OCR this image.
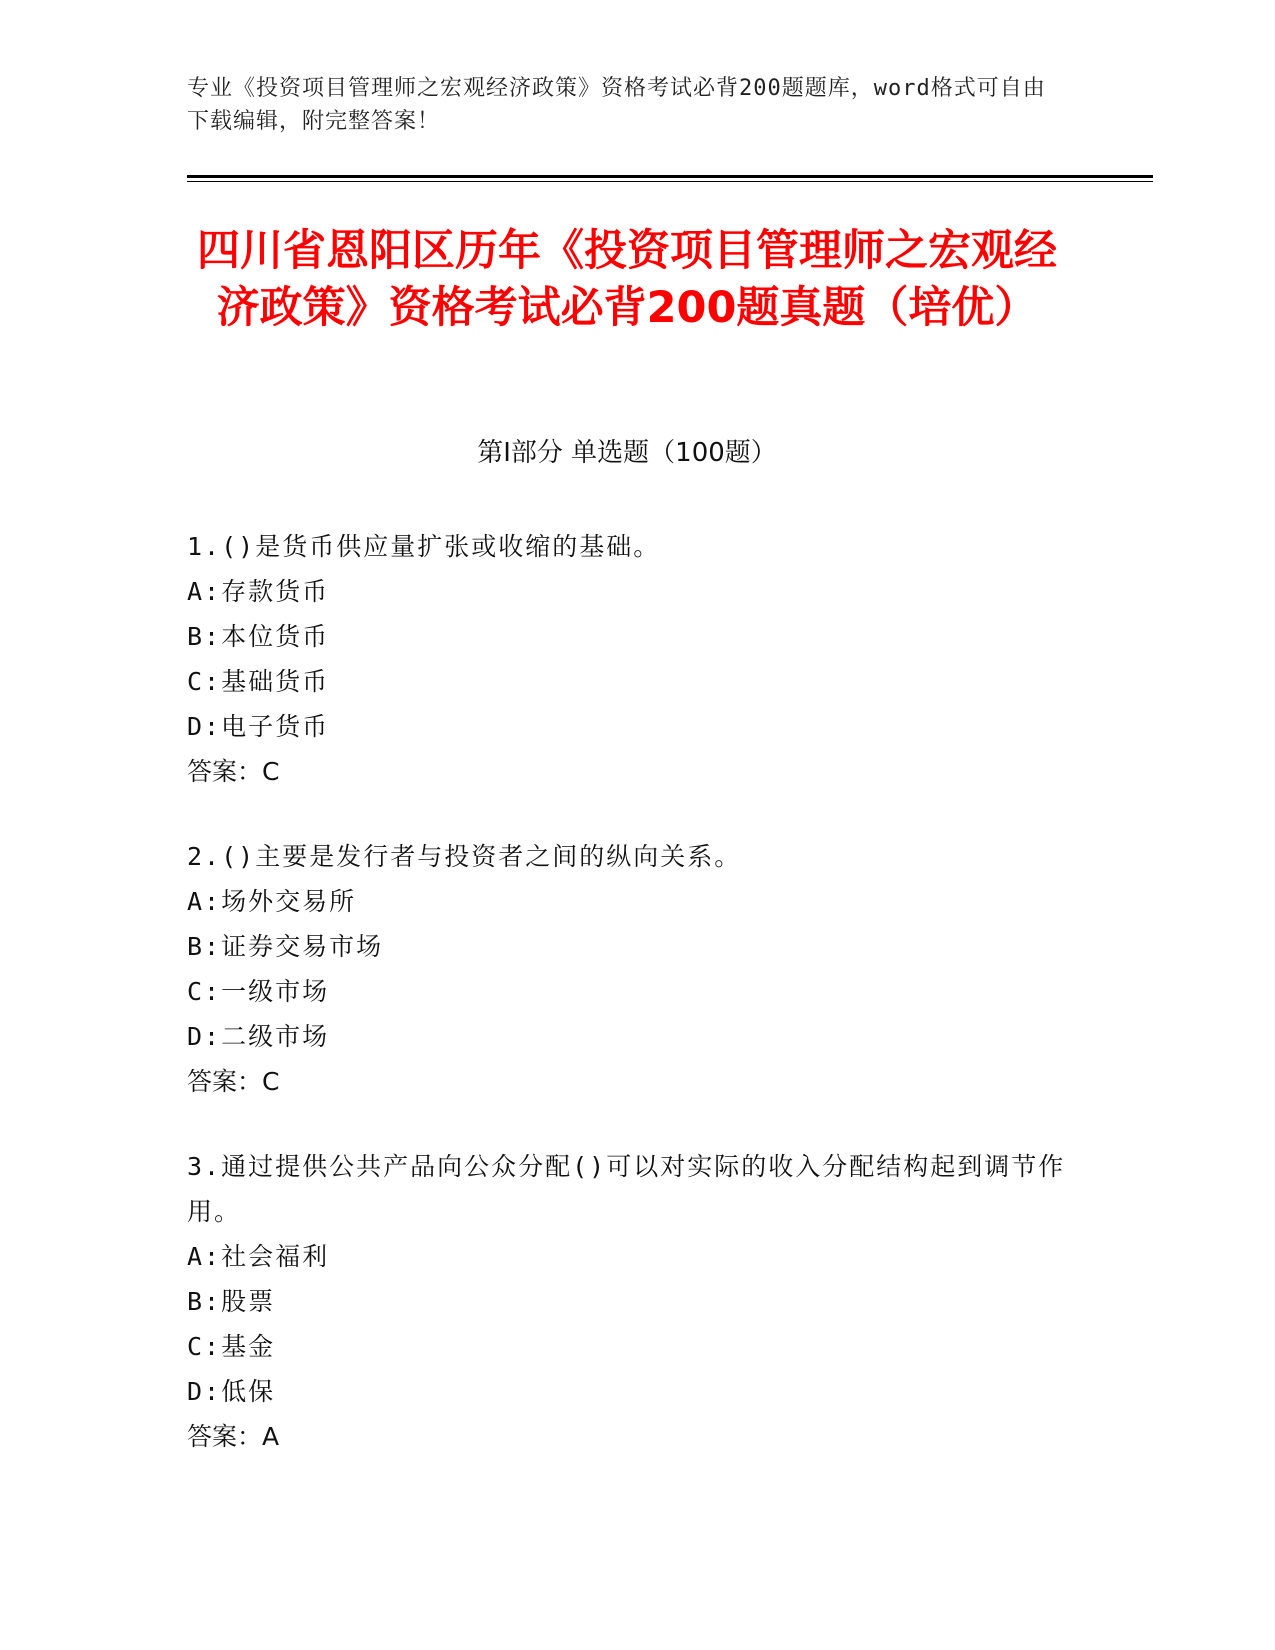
专业《投资项目管理师之宏观经济政策》资格考试必背200题题库，word格式可自由下载编辑，附完整答案！
四川省恩阳区历年《投资项目管理师之宏观经济政策》资格考试必背200题真题（培优）
第Ⅰ部分 单选题（100题）
1.()是货币供应量扩张或收缩的基础。
A:存款货币
B:本位货币
C:基础货币
D:电子货币
答案：C
2.()主要是发行者与投资者之间的纵向关系。
A:场外交易所
B:证券交易市场
C:一级市场
D:二级市场
答案：C
3.通过提供公共产品向公众分配()可以对实际的收入分配结构起到调节作用。
A:社会福利
B:股票
C:基金
D:低保
答案：A
